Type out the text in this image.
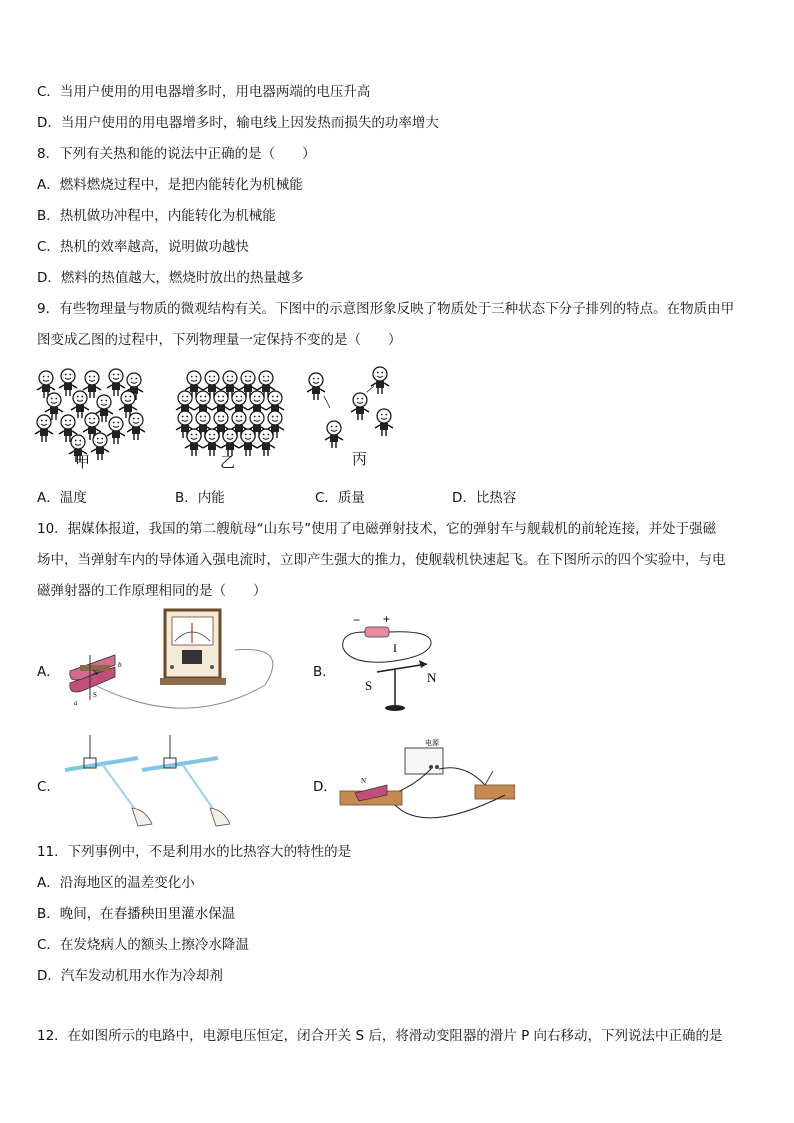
C．当用户使用的用电器增多时，用电器两端的电压升高
D．当用户使用的用电器增多时，输电线上因发热而损失的功率增大
8．下列有关热和能的说法中正确的是（　　）
A．燃料燃烧过程中，是把内能转化为机械能
B．热机做功冲程中，内能转化为机械能
C．热机的效率越高，说明做功越快
D．燃料的热值越大，燃烧时放出的热量越多
9．有些物理量与物质的微观结构有关。下图中的示意图形象反映了物质处于三种状态下分子排列的特点。在物质由甲
图变成乙图的过程中，下列物理量一定保持不变的是（　　）
甲	乙	丙
A．温度	B．内能	C．质量	D．比热容
10．据媒体报道，我国的第二艘航母“山东号”使用了电磁弹射技术，它的弹射车与舰载机的前轮连接，并处于强磁
场中，当弹射车内的导体通入强电流时，立即产生强大的推力，使舰载机快速起飞。在下图所示的四个实验中，与电
磁弹射器的工作原理相同的是（　　）
A．	B．
C．	D．
N
S
a
b
− +
I
S
N
电源
N
11．下列事例中，不是利用水的比热容大的特性的是
A．沿海地区的温差变化小
B．晚间，在春播秧田里灌水保温
C．在发烧病人的额头上擦冷水降温
D．汽车发动机用水作为冷却剂
12．在如图所示的电路中，电源电压恒定，闭合开关 S 后，将滑动变阻器的滑片 P 向右移动，下列说法中正确的是
